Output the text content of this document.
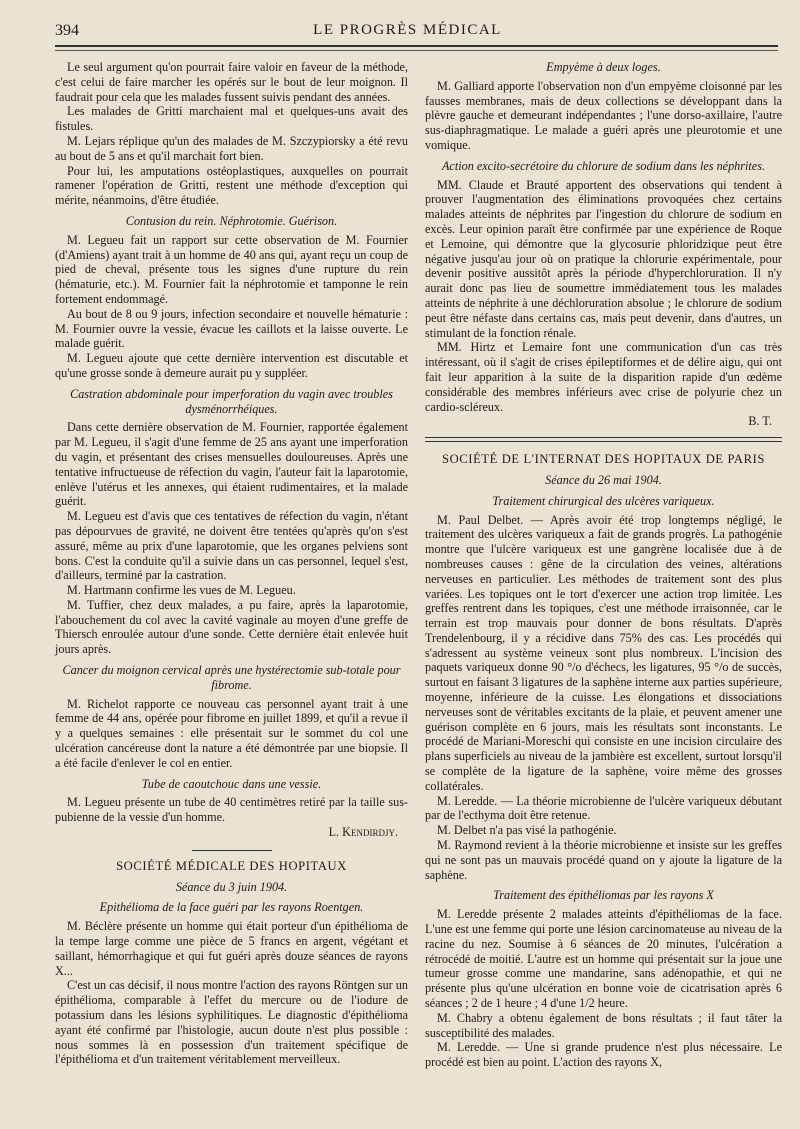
394	LE PROGRÈS MÉDICAL

Le seul argument qu'on pourrait faire valoir en faveur de la méthode, c'est celui de faire marcher les opérés sur le bout de leur moignon. Il faudrait pour cela que les malades fussent suivis pendant des années.

Les malades de Gritti marchaient mal et quelques-uns avait des fistules.

M. Lejars réplique qu'un des malades de M. Szczypiorsky a été revu au bout de 5 ans et qu'il marchait fort bien.

Pour lui, les amputations ostéoplastiques, auxquelles on pourrait ramener l'opération de Gritti, restent une méthode d'exception qui mérite, néanmoins, d'être étudiée.

Contusion du rein. Néphrotomie. Guérison.

M. Legueu fait un rapport sur cette observation de M. Fournier (d'Amiens) ayant trait à un homme de 40 ans qui, ayant reçu un coup de pied de cheval, présente tous les signes d'une rupture du rein (hématurie, etc.). M. Fournier fait la néphrotomie et tamponne le rein fortement endommagé.

Au bout de 8 ou 9 jours, infection secondaire et nouvelle hématurie : M. Fournier ouvre la vessie, évacue les caillots et la laisse ouverte. Le malade guérit.

M. Legueu ajoute que cette dernière intervention est discutable et qu'une grosse sonde à demeure aurait pu y suppléer.

Castration abdominale pour imperforation du vagin avec troubles dysménorrhéiques.

Dans cette dernière observation de M. Fournier, rapportée également par M. Legueu, il s'agit d'une femme de 25 ans ayant une imperforation du vagin, et présentant des crises mensuelles douloureuses. Après une tentative infructueuse de réfection du vagin, l'auteur fait la laparotomie, enlève l'utérus et les annexes, qui étaient rudimentaires, et la malade guérit.

M. Legueu est d'avis que ces tentatives de réfection du vagin, n'étant pas dépourvues de gravité, ne doivent être tentées qu'après qu'on s'est assuré, même au prix d'une laparotomie, que les organes pelviens sont bons. C'est la conduite qu'il a suivie dans un cas personnel, lequel s'est, d'ailleurs, terminé par la castration.

M. Hartmann confirme les vues de M. Legueu.

M. Tuffier, chez deux malades, a pu faire, après la laparotomie, l'abouchement du col avec la cavité vaginale au moyen d'une greffe de Thiersch enroulée autour d'une sonde. Cette dernière était enlevée huit jours après.

Cancer du moignon cervical après une hystérectomie sub-totale pour fibrome.

M. Richelot rapporte ce nouveau cas personnel ayant trait à une femme de 44 ans, opérée pour fibrome en juillet 1899, et qu'il a revue il y a quelques semaines : elle présentait sur le sommet du col une ulcération cancéreuse dont la nature a été démontrée par une biopsie. Il a été facile d'enlever le col en entier.

Tube de caoutchouc dans une vessie.

M. Legueu présente un tube de 40 centimètres retiré par la taille sus-pubienne de la vessie d'un homme.

L. Kendirdjy.

SOCIÉTÉ MÉDICALE DES HOPITAUX

Séance du 3 juin 1904.

Epithélioma de la face guéri par les rayons Roentgen.

M. Béclère présente un homme qui était porteur d'un épithélioma de la tempe large comme une pièce de 5 francs en argent, végétant et saillant, hémorrhagique et qui fut guéri après douze séances de rayons X...

C'est un cas décisif, il nous montre l'action des rayons Röntgen sur un épithélioma, comparable à l'effet du mercure ou de l'iodure de potassium dans les lésions syphilitiques. Le diagnostic d'épithélioma ayant été confirmé par l'histologie, aucun doute n'est plus possible : nous sommes là en possession d'un traitement spécifique de l'épithélioma et d'un traitement véritablement merveilleux.

Empyème à deux loges.

M. Galliard apporte l'observation non d'un empyème cloisonné par les fausses membranes, mais de deux collections se développant dans la plèvre gauche et demeurant indépendantes ; l'une dorso-axillaire, l'autre sus-diaphragmatique. Le malade a guéri après une pleurotomie et une vomique.

Action excito-secrétoire du chlorure de sodium dans les néphrites.

MM. Claude et Brauté apportent des observations qui tendent à prouver l'augmentation des éliminations provoquées chez certains malades atteints de néphrites par l'ingestion du chlorure de sodium en excès. Leur opinion paraît être confirmée par une expérience de Roque et Lemoine, qui démontre que la glycosurie phloridzique peut être négative jusqu'au jour où on pratique la chlorurie expérimentale, pour devenir positive aussitôt après la période d'hyperchloruration. Il n'y aurait donc pas lieu de soumettre immédiatement tous les malades atteints de néphrite à une déchloruration absolue ; le chlorure de sodium peut être néfaste dans certains cas, mais peut devenir, dans d'autres, un stimulant de la fonction rénale.

MM. Hirtz et Lemaire font une communication d'un cas très intéressant, où il s'agit de crises épileptiformes et de délire aigu, qui ont fait leur apparition à la suite de la disparition rapide d'un œdème considérable des membres inférieurs avec crise de polyurie chez un cardio-scléreux.

B. T.

SOCIÉTÉ DE L'INTERNAT DES HOPITAUX DE PARIS

Séance du 26 mai 1904.

Traitement chirurgical des ulcères variqueux.

M. Paul Delbet. — Après avoir été trop longtemps négligé, le traitement des ulcères variqueux a fait de grands progrès. La pathogénie montre que l'ulcère variqueux est une gangrène localisée due à de nombreuses causes : gêne de la circulation des veines, altérations nerveuses en particulier. Les méthodes de traitement sont des plus variées. Les topiques ont le tort d'exercer une action trop limitée. Les greffes rentrent dans les topiques, c'est une méthode irraisonnée, car le terrain est trop mauvais pour donner de bons résultats. D'après Trendelenbourg, il y a récidive dans 75% des cas. Les procédés qui s'adressent au système veineux sont plus nombreux. L'incision des paquets variqueux donne 90 °/o d'échecs, les ligatures, 95 °/o de succès, surtout en faisant 3 ligatures de la saphène interne aux parties supérieure, moyenne, inférieure de la cuisse. Les élongations et dissociations nerveuses sont de véritables excitants de la plaie, et peuvent amener une guérison complète en 6 jours, mais les résultats sont inconstants. Le procédé de Mariani-Moreschi qui consiste en une incision circulaire des plans superficiels au niveau de la jambière est excellent, surtout lorsqu'il se complète de la ligature de la saphène, voire même des grosses collatérales.

M. Leredde. — La théorie microbienne de l'ulcère variqueux débutant par de l'ecthyma doit être retenue.

M. Delbet n'a pas visé la pathogénie.

M. Raymond revient à la théorie microbienne et insiste sur les greffes qui ne sont pas un mauvais procédé quand on y ajoute la ligature de la saphène.

Traitement des épithéliomas par les rayons X

M. Leredde présente 2 malades atteints d'épithéliomas de la face. L'une est une femme qui porte une lésion carcinomateuse au niveau de la racine du nez. Soumise à 6 séances de 20 minutes, l'ulcération a rétrocédé de moitié. L'autre est un homme qui présentait sur la joue une tumeur grosse comme une mandarine, sans adénopathie, et qui ne présente plus qu'une ulcération en bonne voie de cicatrisation après 6 séances ; 2 de 1 heure ; 4 d'une 1/2 heure.

M. Chabry a obtenu également de bons résultats ; il faut tâter la susceptibilité des malades.

M. Leredde. — Une si grande prudence n'est plus nécessaire. Le procédé est bien au point. L'action des rayons X,
